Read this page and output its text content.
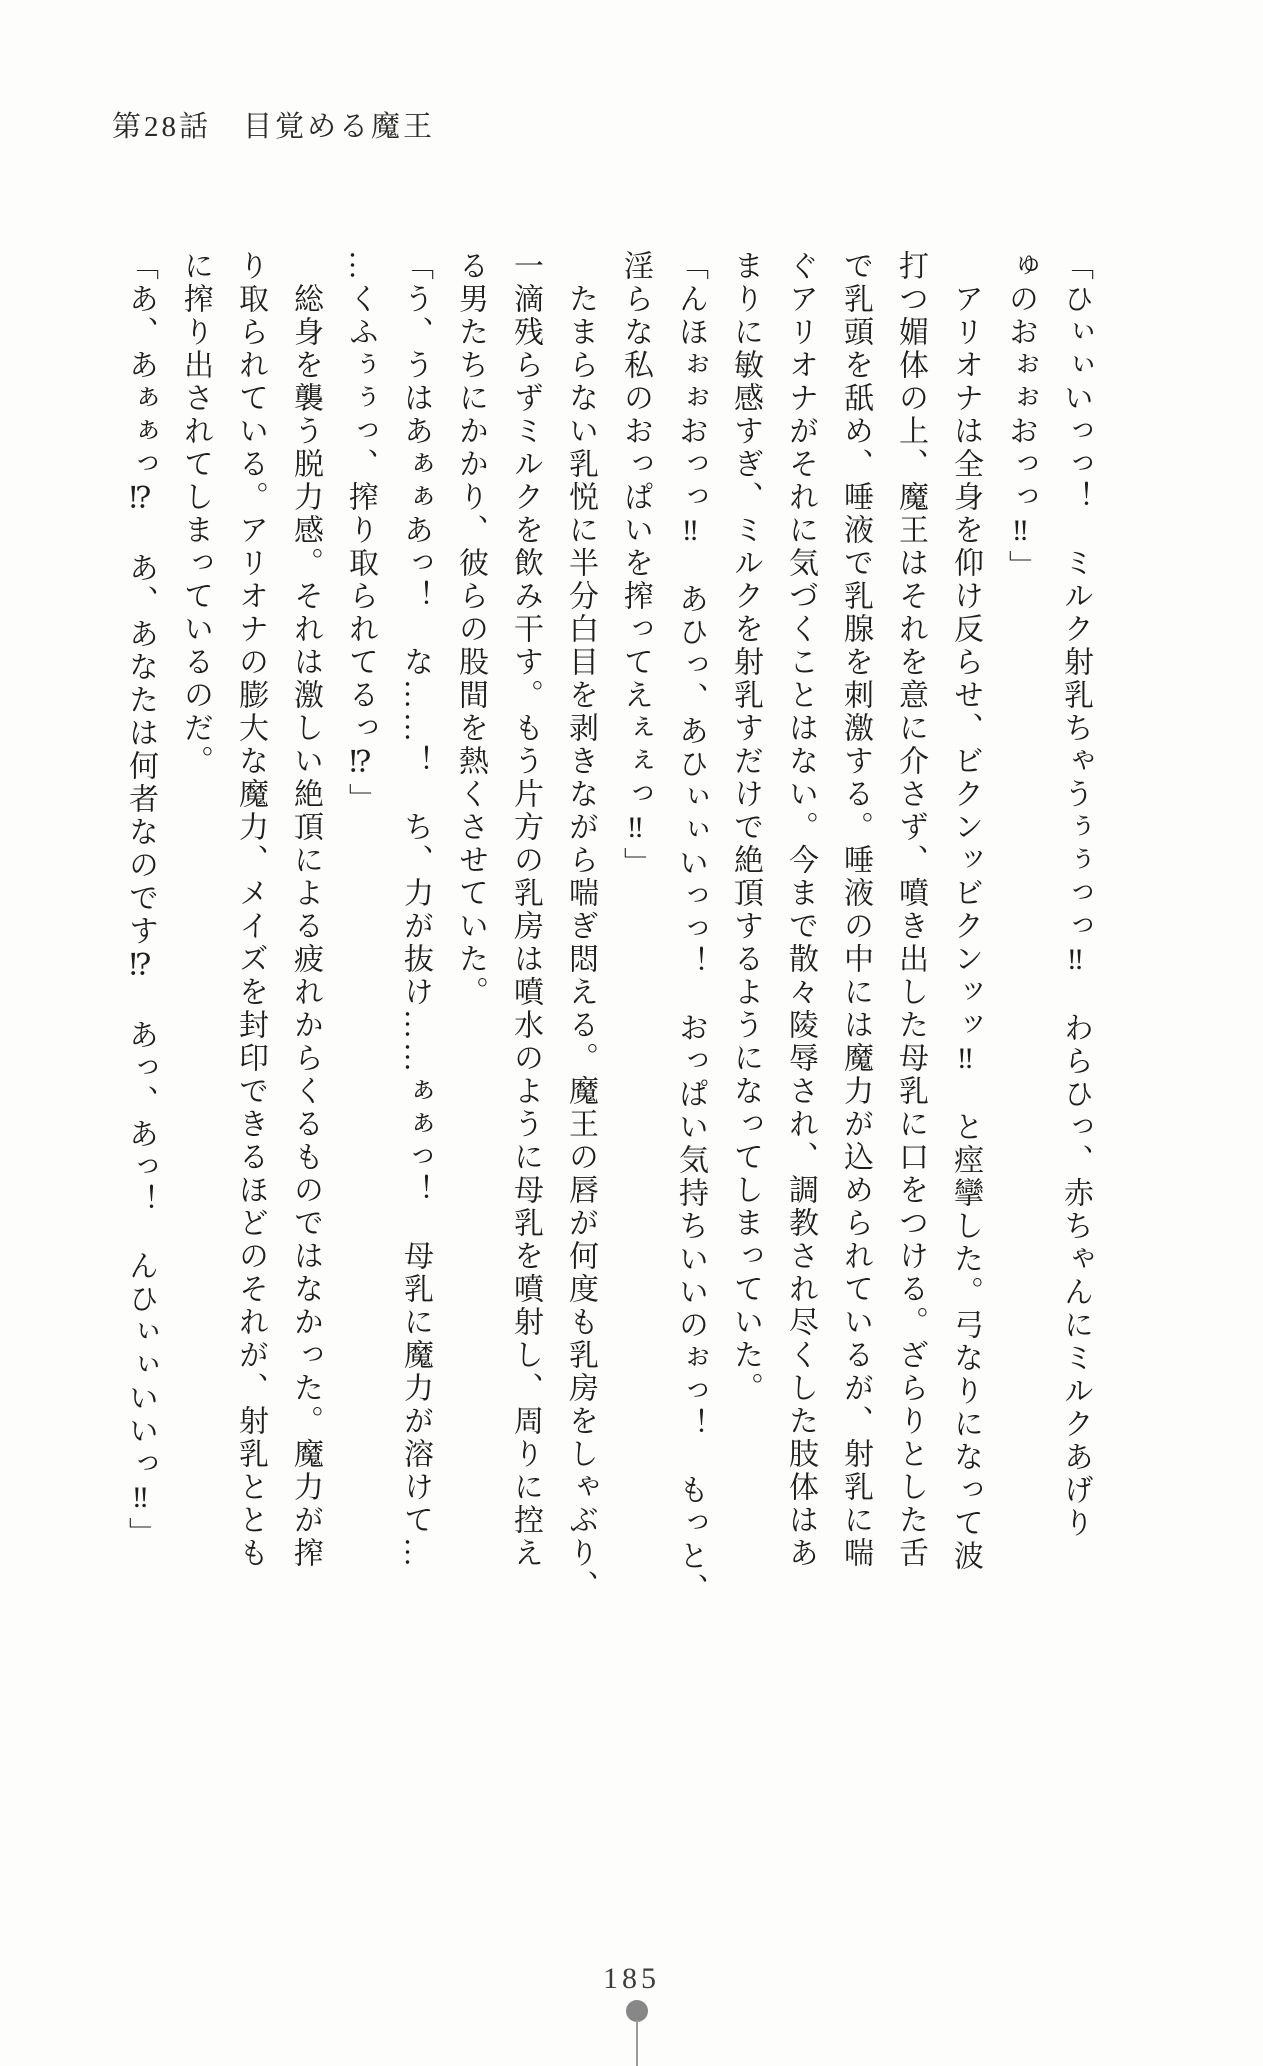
第28話　目覚める魔王

「ひぃぃいっっ！　ミルク射乳ちゃうぅぅっっ‼　わらひっ、赤ちゃんにミルクあげり

ゅのおぉぉおっっ‼」

　アリオナは全身を仰け反らせ、ビクンッビクンッッ‼　と痙攣した。弓なりになって波

打つ媚体の上、魔王はそれを意に介さず、噴き出した母乳に口をつける。ざらりとした舌

で乳頭を舐め、唾液で乳腺を刺激する。唾液の中には魔力が込められているが、射乳に喘

ぐアリオナがそれに気づくことはない。今まで散々陵辱され、調教され尽くした肢体はあ

まりに敏感すぎ、ミルクを射乳すだけで絶頂するようになってしまっていた。

「んほぉぉおっっ‼　あひっ、あひぃぃいっっ！　おっぱい気持ちいいのぉっ！　もっと、

淫らな私のおっぱいを搾ってえぇぇっ‼」

　たまらない乳悦に半分白目を剥きながら喘ぎ悶える。魔王の唇が何度も乳房をしゃぶり、

一滴残らずミルクを飲み干す。もう片方の乳房は噴水のように母乳を噴射し、周りに控え

る男たちにかかり、彼らの股間を熱くさせていた。

「う、うはあぁぁあっ！　な……！　ち、力が抜け……ぁぁっ！　母乳に魔力が溶けて…

…くふぅぅっ、搾り取られてるっ⁉」

　総身を襲う脱力感。それは激しい絶頂による疲れからくるものではなかった。魔力が搾

り取られている。アリオナの膨大な魔力、メイズを封印できるほどのそれが、射乳ととも

に搾り出されてしまっているのだ。

「あ、あぁぁっ⁉　あ、あなたは何者なのです⁉　あっ、あっ！　んひぃぃいいっ‼」

185
